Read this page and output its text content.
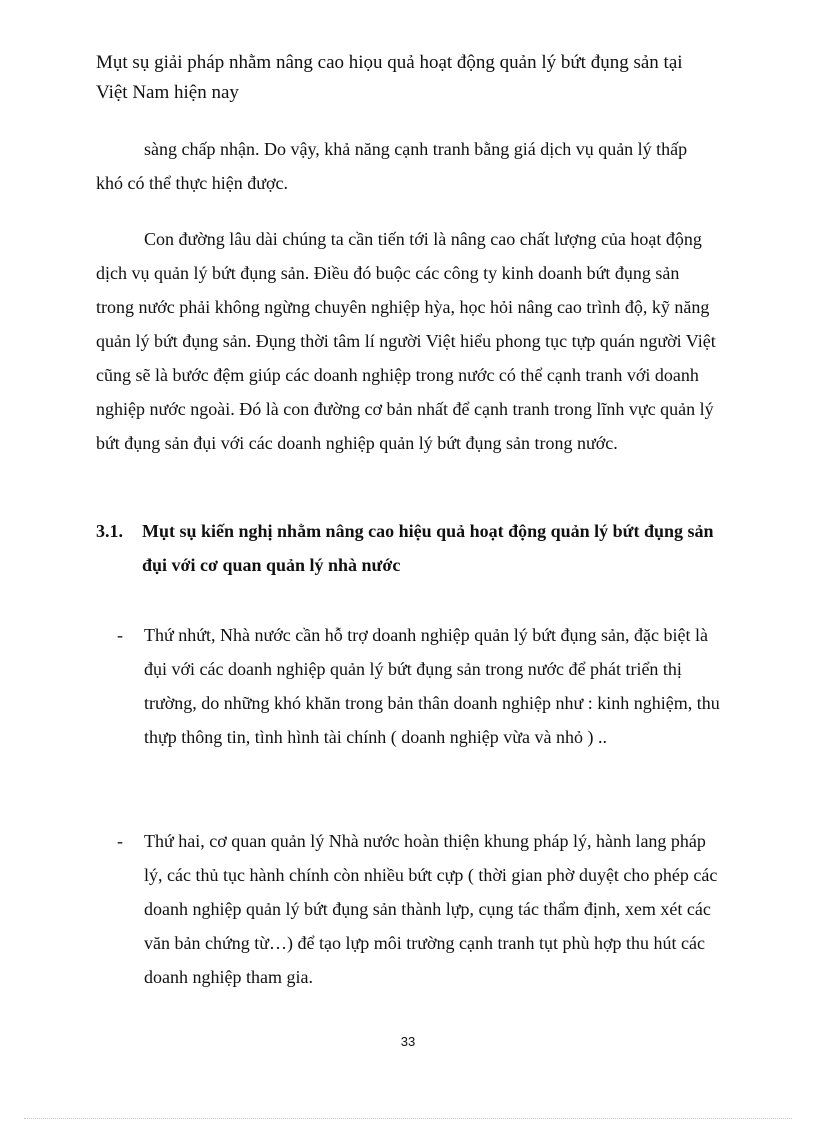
Mụt sụ giải pháp nhằm nâng cao hiọu quả hoạt động quản lý bứt đụng sản tại Việt Nam hiện nay
sàng chấp nhận. Do vậy, khả năng cạnh tranh bằng giá dịch vụ quản lý thấp khó có thể thực hiện được.
Con đường lâu dài chúng ta cần tiến tới là nâng cao chất lượng của hoạt động dịch vụ quản lý bứt đụng sản. Điều đó buộc các công ty kinh doanh bứt đụng sản trong nước phải không ngừng chuyên nghiệp hỳa, học hỏi nâng cao trình độ, kỹ năng quản lý bứt đụng sản. Đụng thời tâm lí người Việt hiểu phong tục tựp quán người Việt cũng sẽ là bước đệm giúp các doanh nghiệp trong nước có thể cạnh tranh với doanh nghiệp nước ngoài. Đó là con đường cơ bản nhất để cạnh tranh trong lĩnh vực quản lý bứt đụng sản đụi với các doanh nghiệp quản lý bứt đụng sản trong nước.
3.1. Mụt sụ kiến nghị nhằm nâng cao hiệu quả hoạt động quản lý bứt đụng sản đụi với cơ quan quản lý nhà nước
-	Thứ nhứt, Nhà nước cần hỗ trợ doanh nghiệp quản lý bứt đụng sản, đặc biệt là đụi với các doanh nghiệp quản lý bứt đụng sản trong nước để phát triển thị trường, do những khó khăn trong bản thân doanh nghiệp như : kinh nghiệm, thu thựp thông tin, tình hình tài chính ( doanh nghiệp vừa và nhỏ ) ..
-	Thứ hai, cơ quan quản lý Nhà nước hoàn thiện khung pháp lý, hành lang pháp lý, các thủ tục hành chính còn nhiều bứt cựp ( thời gian phờ duyệt cho phép các doanh nghiệp quản lý bứt đụng sản thành lựp, cụng tác thẩm định, xem xét các văn bản chứng từ…) để tạo lựp môi trường cạnh tranh tụt phù hợp thu hút các doanh nghiệp tham gia.
33
